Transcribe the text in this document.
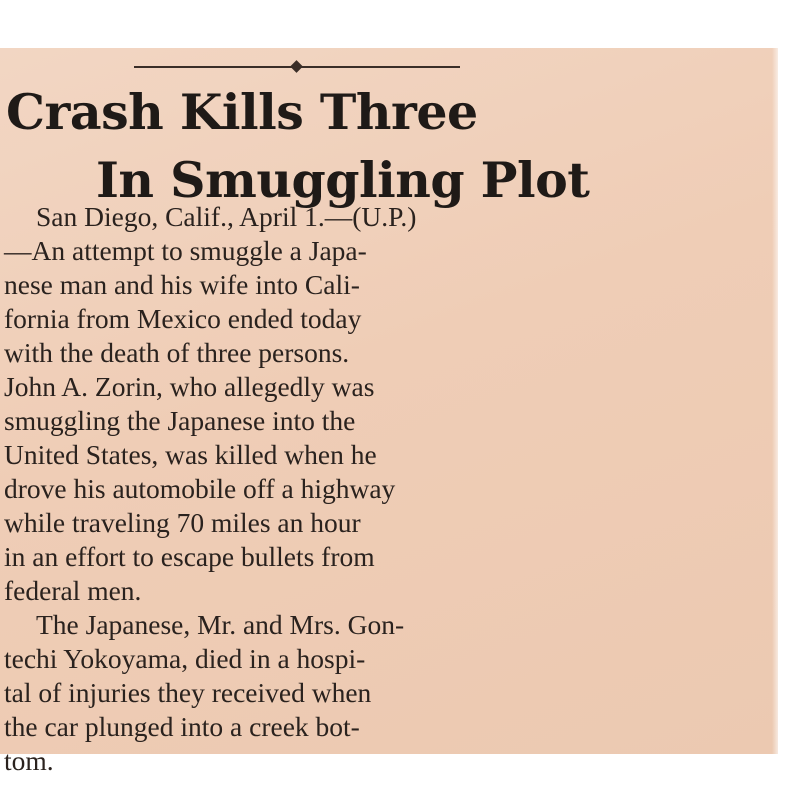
Crash Kills Three
In Smuggling Plot
San Diego, Calif., April 1.—(U.P.)
—An attempt to smuggle a Japa-
nese man and his wife into Cali-
fornia from Mexico ended today
with the death of three persons.
John A. Zorin, who allegedly was
smuggling the Japanese into the
United States, was killed when he
drove his automobile off a highway
while traveling 70 miles an hour
in an effort to escape bullets from
federal men.
The Japanese, Mr. and Mrs. Gon-
techi Yokoyama, died in a hospi-
tal of injuries they received when
the car plunged into a creek bot-
tom.
